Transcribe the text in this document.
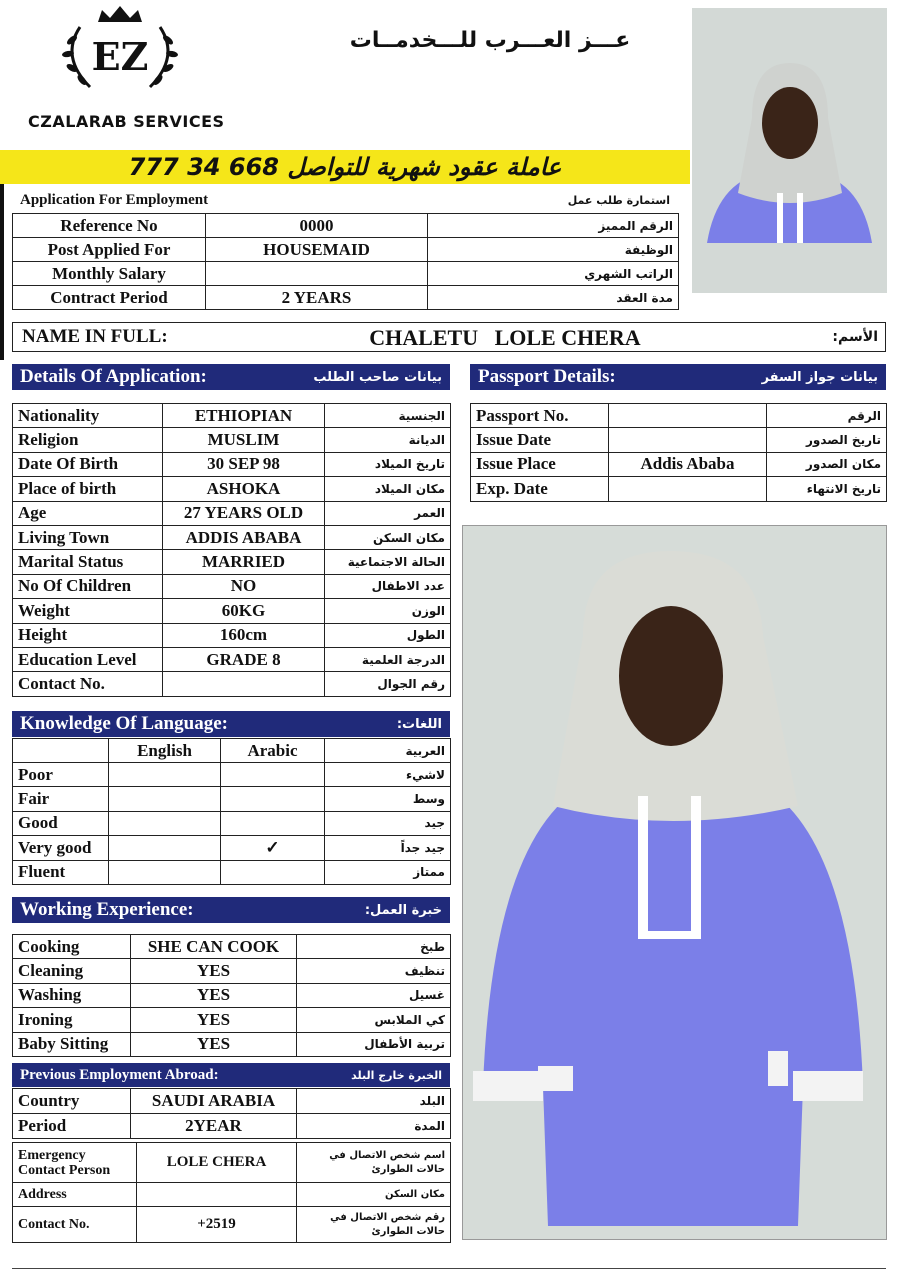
EZ
CZALARAB SERVICES
عـــز العـــرب للـــخدمــات
عاملة عقود شهرية للتواصل 668 34 777
Application For Employment	استمارة طلب عمل
Reference No	0000	الرقم المميز
Post Applied For	HOUSEMAID	الوظيفة
Monthly Salary		الراتب الشهري
Contract Period	2 YEARS	مدة العقد
NAME IN FULL:	CHALETU   LOLE CHERA	الأسم:
Details Of Application:	بيانات صاحب الطلب
Nationality	ETHIOPIAN	الجنسية
Religion	MUSLIM	الديانة
Date Of Birth	30 SEP 98	تاريخ الميلاد
Place of birth	ASHOKA	مكان الميلاد
Age	27 YEARS OLD	العمر
Living Town	ADDIS ABABA	مكان السكن
Marital Status	MARRIED	الحالة الاجتماعية
No Of Children	NO	عدد الاطفال
Weight	60KG	الوزن
Height	160cm	الطول
Education Level	GRADE 8	الدرجة العلمية
Contact No.		رقم الجوال
Passport Details:	بيانات جواز السفر
Passport No.		الرقم
Issue Date		تاريخ الصدور
Issue Place	Addis Ababa	مكان الصدور
Exp. Date		تاريخ الانتهاء
Knowledge Of Language:	اللغات:
	English	Arabic	العربية
Poor			لاشيء
Fair			وسط
Good			جيد
Very good		✓	جيد جداً
Fluent			ممتاز
Working Experience:	خبرة العمل:
Cooking	SHE CAN COOK	طبخ
Cleaning	YES	تنظيف
Washing	YES	غسيل
Ironing	YES	كي الملابس
Baby Sitting	YES	تربية الأطفال
Previous Employment Abroad:	الخبرة خارج البلد
Country	SAUDI ARABIA	البلد
Period	2YEAR	المدة
Emergency Contact Person	LOLE CHERA	اسم شخص الاتصال في حالات الطوارئ
Address		مكان السكن
Contact No.	+2519	رقم شخص الاتصال في حالات الطوارئ
